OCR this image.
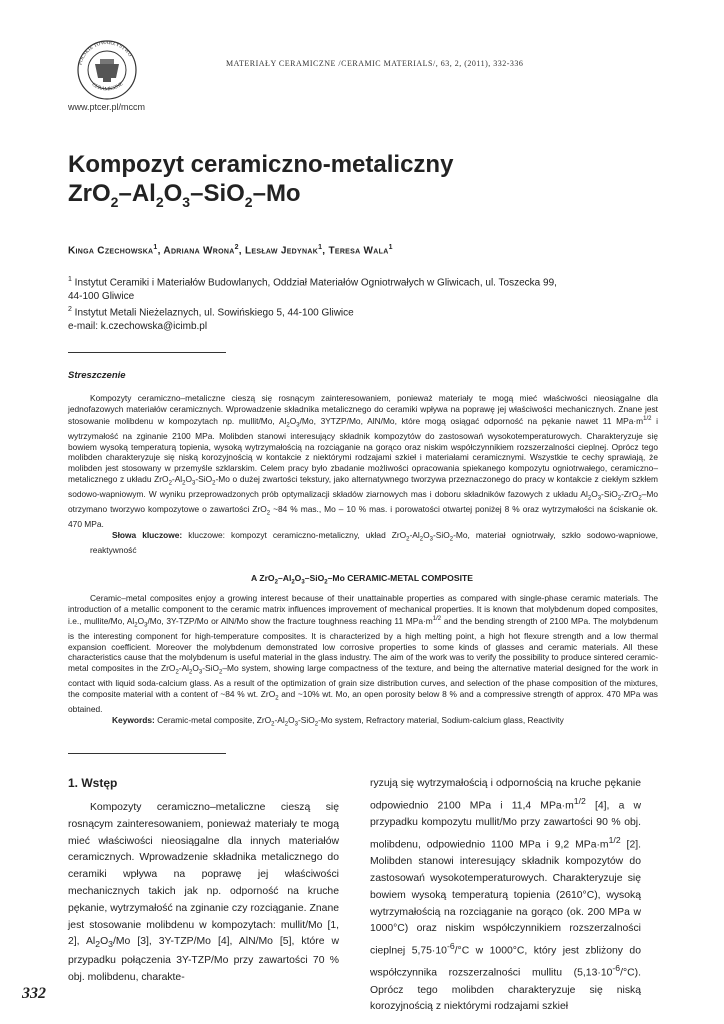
POLSKIE TOWARZYSTWO
CERAMICZNE
www.ptcer.pl/mccm
MATERIAŁY CERAMICZNE /CERAMIC MATERIALS/, 63, 2, (2011), 332-336
Kompozyt ceramiczno-metaliczny
$ZrO_2-Al_2O_3-SiO_2-Mo$
Kinga Czechowska$^1$, Adriana Wrona$^2$, Lesław Jedynak$^1$, Teresa Wala$^1$
$^1$ Instytut Ceramiki i Materiałów Budowlanych, Oddział Materiałów Ogniotrwałych w Gliwicach, ul. Toszecka 99,
44-100 Gliwice
$^2$ Instytut Metali Nieżelaznych, ul. Sowińskiego 5, 44-100 Gliwice
e-mail: k.czechowska@icimb.pl
Streszczenie

Kompozyty ceramiczno–metaliczne cieszą się rosnącym zainteresowaniem, ponieważ materiały te mogą mieć właściwości nieosiągalne dla jednofazowych materiałów ceramicznych. Wprowadzenie składnika metalicznego do ceramiki wpływa na poprawę jej właściwości mechanicznych. Znane jest stosowanie molibdenu w kompozytach np. mullit/Mo, $Al_2O_3/Mo$, 3YTZP/Mo, AlN/Mo, które mogą osiągać odporność na pękanie nawet 11 $MPa\cdot m^{1/2}$ i wytrzymałość na zginanie 2100 MPa. Molibden stanowi interesujący składnik kompozytów do zastosowań wysokotemperaturowych. Charakteryzuje się bowiem wysoką temperaturą topienia, wysoką wytrzymałością na rozciąganie na gorąco oraz niskim współczynnikiem rozszerzalności cieplnej. Oprócz tego molibden charakteryzuje się niską korozyjnością w kontakcie z niektórymi rodzajami szkieł i materiałami ceramicznymi. Wszystkie te cechy sprawiają, że molibden jest stosowany w przemyśle szklarskim. Celem pracy było zbadanie możliwości opracowania spiekanego kompozytu ogniotrwałego, ceramiczno–metalicznego z układu $ZrO_2-Al_2O_3-SiO_2-Mo$ o dużej zwartości tekstury, jako alternatywnego tworzywa przeznaczonego do pracy w kontakcie z ciekłym szkłem sodowo-wapniowym. W wyniku przeprowadzonych prób optymalizacji składów ziarnowych mas i doboru składników fazowych z układu $Al_2O_3-SiO_2-ZrO_2-Mo$ otrzymano tworzywo kompozytowe o zawartości ZrO$_2$ ~84 % mas., Mo – 10 % mas. i porowatości otwartej poniżej 8 % oraz wytrzymałości na ściskanie ok. 470 MPa.

Słowa kluczowe: kluczowe: kompozyt ceramiczno-metaliczny, układ $ZrO_2-Al_2O_3-SiO_2-Mo$, materiał ogniotrwały, szkło sodowo-wapniowe, reaktywność

A $ZrO_2-Al_2O_3-SiO_2-Mo$ CERAMIC-METAL COMPOSITE

Ceramic–metal composites enjoy a growing interest because of their unattainable properties as compared with single-phase ceramic materials. The introduction of a metallic component to the ceramic matrix influences improvement of mechanical properties. It is known that molybdenum doped composites, i.e., mullite/Mo, $Al_2O_3/Mo$, 3Y-TZP/Mo or AlN/Mo show the fracture toughness reaching 11 $MPa\cdot m^{1/2}$ and the bending strength of 2100 MPa. The molybdenum is the interesting component for high-temperature composites. It is characterized by a high melting point, a high hot flexure strength and a low thermal expansion coefficient. Moreover the molybdenum demonstrated low corrosive properties to some kinds of glasses and ceramic materials. All these characteristics cause that the molybdenum is useful material in the glass industry. The aim of the work was to verify the possibility to produce sintered ceramic-metal composites in the $ZrO_2-Al_2O_3-SiO_2-Mo$ system, showing large compactness of the texture, and being the alternative material designed for the work in contact with liquid soda-calcium glass. As a result of the optimization of grain size distribution curves, and selection of the phase composition of the mixtures, the composite material with a content of ~84 % wt. ZrO$_2$ and ~10% wt. Mo, an open porosity below 8 % and a compressive strength of approx. 470 MPa was obtained.

Keywords: Ceramic-metal composite, $ZrO_2-Al_2O_3-SiO_2-Mo$ system, Refractory material, Sodium-calcium glass, Reactivity

1. Wstęp

Kompozyty ceramiczno–metaliczne cieszą się rosnącym zainteresowaniem, ponieważ materiały te mogą mieć właściwości nieosiągalne dla innych materiałów ceramicznych. Wprowadzenie składnika metalicznego do ceramiki wpływa na poprawę jej właściwości mechanicznych takich jak np. odporność na kruche pękanie, wytrzymałość na zginanie czy rozciąganie. Znane jest stosowanie molibdenu w kompozytach: mullit/Mo [1, 2], $Al_2O_3/Mo$ [3], 3Y-TZP/Mo [4], AlN/Mo [5], które w przypadku połączenia 3Y-TZP/Mo przy zawartości 70 % obj. molibdenu, charakte-

ryzują się wytrzymałością i odpornością na kruche pękanie odpowiednio 2100 MPa i 11,4 $MPa\cdot m^{1/2}$ [4], a w przypadku kompozytu mullit/Mo przy zawartości 90 % obj. molibdenu, odpowiednio 1100 MPa i 9,2 $MPa\cdot m^{1/2}$ [2]. Molibden stanowi interesujący składnik kompozytów do zastosowań wysokotemperaturowych. Charakteryzuje się bowiem wysoką temperaturą topienia (2610°C), wysoką wytrzymałością na rozciąganie na gorąco (ok. 200 MPa w 1000°C) oraz niskim współczynnikiem rozszerzalności cieplnej $5,75\cdot 10^{-6}/^\circ C$ w 1000°C, który jest zbliżony do współczynnika rozszerzalności mullitu $(5,13\cdot 10^{-6}/^\circ C)$. Oprócz tego molibden charakteryzuje się niską korozyjnością z niektórymi rodzajami szkieł

332
